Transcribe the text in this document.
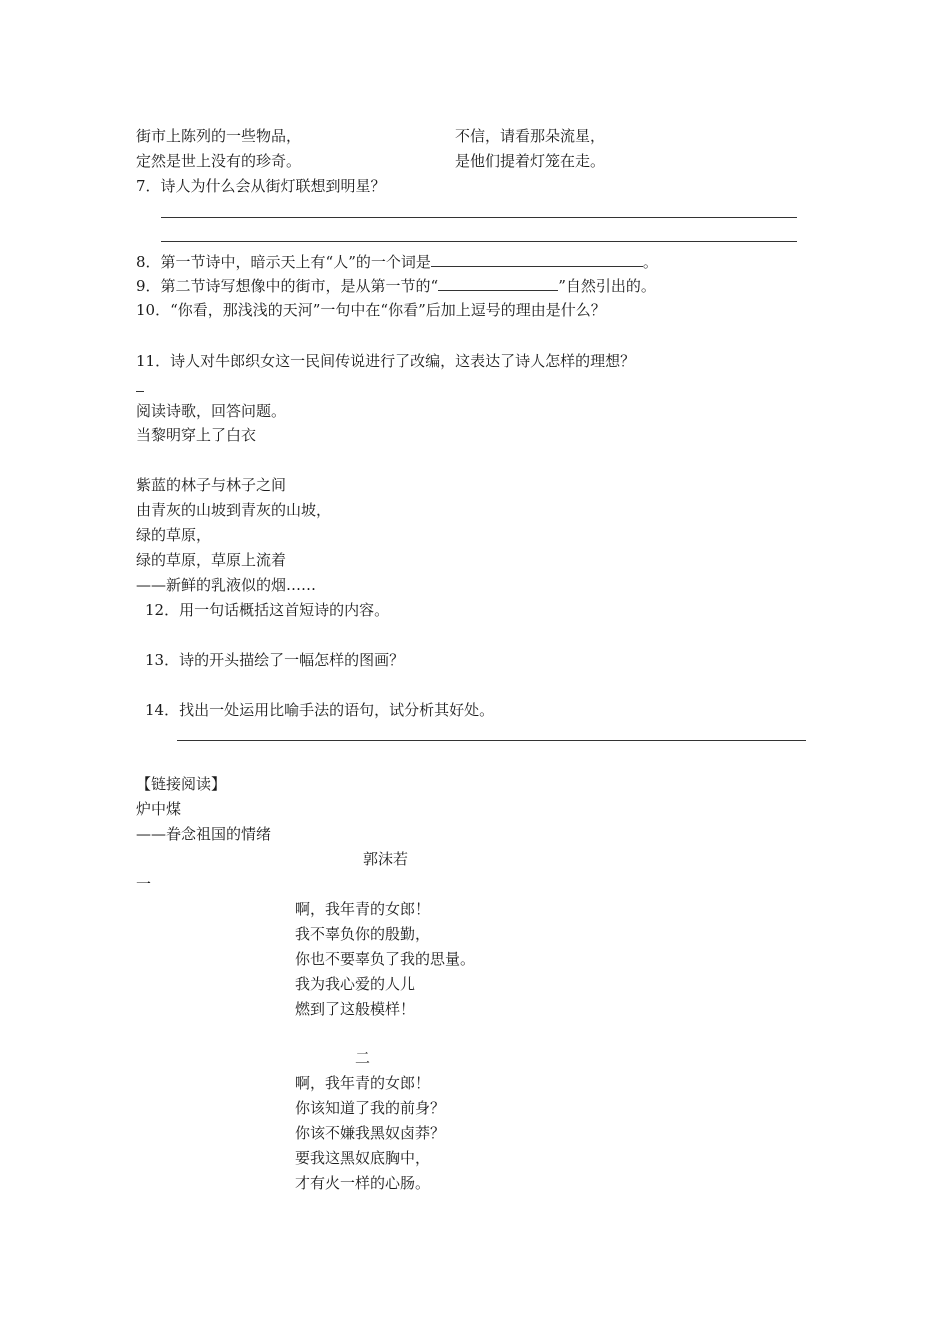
街市上陈列的一些物品，
定然是世上没有的珍奇。
不信，请看那朵流星，
是他们提着灯笼在走。
7．诗人为什么会从街灯联想到明星？
8．第一节诗中，暗示天上有“人”的一个词是	。
9．第二节诗写想像中的街市，是从第一节的“	”自然引出的。
10．“你看，那浅浅的天河”一句中在“你看”后加上逗号的理由是什么？
11．诗人对牛郎织女这一民间传说进行了改编，这表达了诗人怎样的理想？
阅读诗歌，回答问题。
当黎明穿上了白衣
紫蓝的林子与林子之间
由青灰的山坡到青灰的山坡，
绿的草原，
绿的草原，草原上流着
——新鲜的乳液似的烟……
12．用一句话概括这首短诗的内容。
13．诗的开头描绘了一幅怎样的图画？
14．找出一处运用比喻手法的语句，试分析其好处。
【链接阅读】
炉中煤
——眷念祖国的情绪
郭沫若
一
啊，我年青的女郎！
我不辜负你的殷勤，
你也不要辜负了我的思量。
我为我心爱的人儿
燃到了这般模样！
二
啊，我年青的女郎！
你该知道了我的前身？
你该不嫌我黑奴卤莽？
要我这黑奴底胸中，
才有火一样的心肠。
